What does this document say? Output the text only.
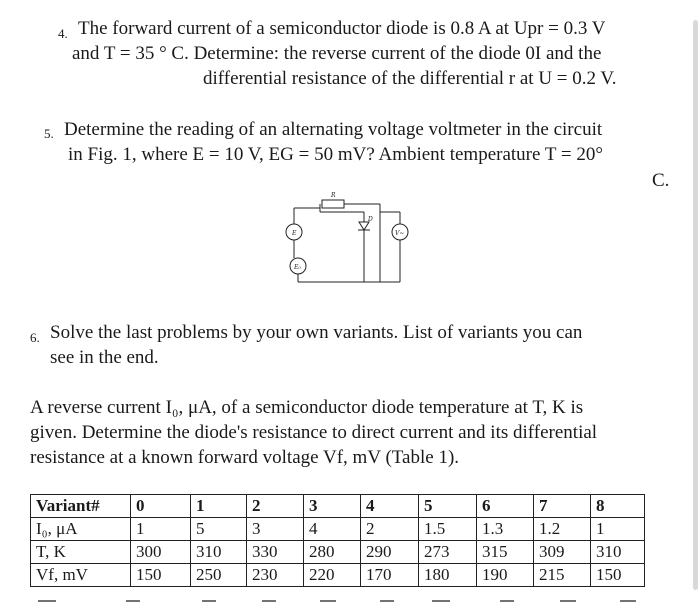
4. The forward current of a semiconductor diode is 0.8 A at Upr = 0.3 V
and T = 35 ° C. Determine: the reverse current of the diode 0I and the
differential resistance of the differential r at U = 0.2 V.
5. Determine the reading of an alternating voltage voltmeter in the circuit
in Fig. 1, where E = 10 V, EG = 50 mV? Ambient temperature T = 20°
C.
R
D
E
E₀
V~
6. Solve the last problems by your own variants. List of variants you can
see in the end.
A reverse current I₀, μA, of a semiconductor diode temperature at T, K is
given. Determine the diode's resistance to direct current and its differential
resistance at a known forward voltage Vf, mV (Table 1).
Variant#	0	1	2	3	4	5	6	7	8
I₀, μA	1	5	3	4	2	1.5	1.3	1.2	1
T, K	300	310	330	280	290	273	315	309	310
Vf, mV	150	250	230	220	170	180	190	215	150
